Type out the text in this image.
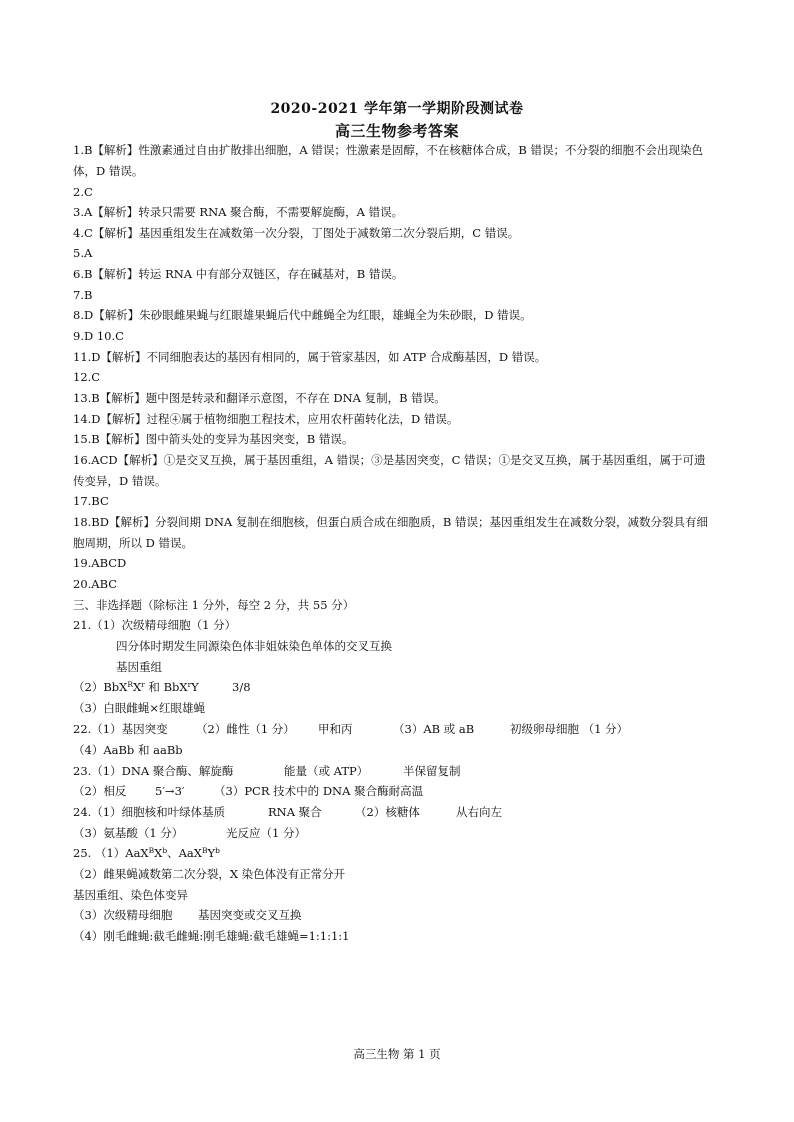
2020-2021 学年第一学期阶段测试卷
高三生物参考答案
1.B【解析】性激素通过自由扩散排出细胞，A 错误；性激素是固醇，不在核糖体合成，B 错误；不分裂的细胞不会出现染色
体，D 错误。
2.C
3.A【解析】转录只需要 RNA 聚合酶，不需要解旋酶，A 错误。
4.C【解析】基因重组发生在减数第一次分裂，丁图处于减数第二次分裂后期，C 错误。
5.A
6.B【解析】转运 RNA 中有部分双链区，存在碱基对，B 错误。
7.B
8.D【解析】朱砂眼雌果蝇与红眼雄果蝇后代中雌蝇全为红眼，雄蝇全为朱砂眼，D 错误。
9.D 10.C
11.D【解析】不同细胞表达的基因有相同的，属于管家基因，如 ATP 合成酶基因，D 错误。
12.C
13.B【解析】题中图是转录和翻译示意图，不存在 DNA 复制，B 错误。
14.D【解析】过程④属于植物细胞工程技术，应用农杆菌转化法，D 错误。
15.B【解析】图中箭头处的变异为基因突变，B 错误。
16.ACD【解析】①是交叉互换，属于基因重组，A 错误；③是基因突变，C 错误；①是交叉互换，属于基因重组，属于可遗
传变异，D 错误。
17.BC
18.BD【解析】分裂间期 DNA 复制在细胞核，但蛋白质合成在细胞质，B 错误；基因重组发生在减数分裂，减数分裂具有细
胞周期，所以 D 错误。
19.ABCD
20.ABC
三、非选择题（除标注 1 分外，每空 2 分，共 55 分）
21.（1）次级精母细胞（1 分）
四分体时期发生同源染色体非姐妹染色单体的交叉互换
基因重组
$(2)BbX^RX^r$ 和 BbX$^r$Y	3/8
（3）白眼雌蝇×红眼雄蝇
22.（1）基因突变 （2）雌性（1 分） 甲和丙	（3）AB 或 aB	初级卵母细胞 （1 分）
（4）AaBb 和 aaBb
23.（1）DNA 聚合酶、解旋酶	能量（或 ATP）	半保留复制
（2）相反 5′→3′	（3）PCR 技术中的 DNA 聚合酶耐高温
24.（1）细胞核和叶绿体基质	RNA 聚合	（2）核糖体	从右向左
（3）氨基酸（1 分）	光反应（1 分）
25. $(1)AaX^BX^b$、$AaX^BY^b$
（2）雌果蝇减数第二次分裂，X 染色体没有正常分开
基因重组、染色体变异
（3）次级精母细胞 基因突变或交叉互换
（4）刚毛雌蝇:截毛雌蝇:刚毛雄蝇:截毛雄蝇=1:1:1:1
高三生物 第 1 页
